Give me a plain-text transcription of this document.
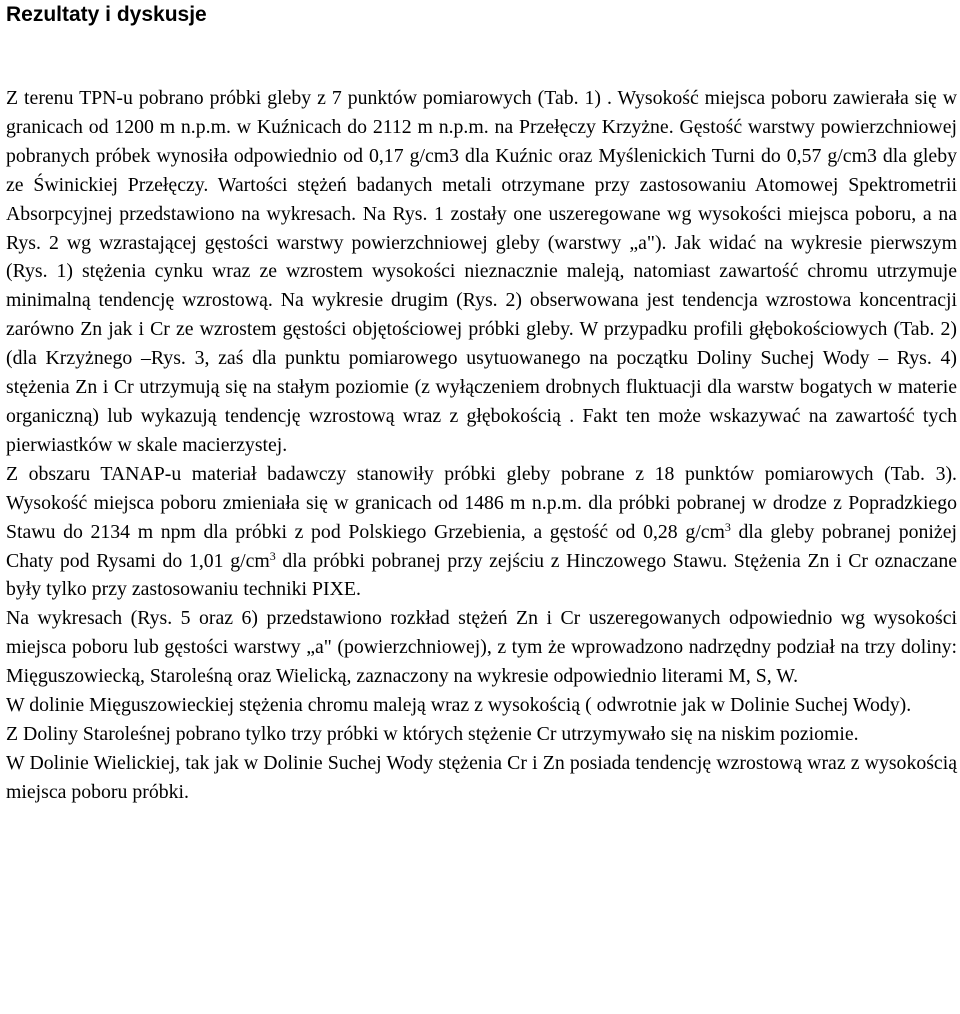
Rezultaty i dyskusje

Z terenu TPN-u pobrano próbki gleby z 7 punktów pomiarowych (Tab. 1) . Wysokość miejsca poboru zawierała się w granicach od 1200 m n.p.m. w Kuźnicach do 2112 m n.p.m. na Przełęczy Krzyżne. Gęstość warstwy powierzchniowej pobranych próbek wynosiła odpowiednio od 0,17 g/cm3 dla Kuźnic oraz Myślenickich Turni do 0,57 g/cm3 dla gleby ze Świnickiej Przełęczy. Wartości stężeń badanych metali otrzymane przy zastosowaniu Atomowej Spektrometrii Absorpcyjnej przedstawiono na wykresach. Na Rys. 1 zostały one uszeregowane wg wysokości miejsca poboru, a na Rys. 2 wg wzrastającej gęstości warstwy powierzchniowej gleby (warstwy „a"). Jak widać na wykresie pierwszym (Rys. 1) stężenia cynku wraz ze wzrostem wysokości nieznacznie maleją, natomiast zawartość chromu utrzymuje minimalną tendencję wzrostową. Na wykresie drugim (Rys. 2) obserwowana jest tendencja wzrostowa koncentracji zarówno Zn jak i Cr ze wzrostem gęstości objętościowej próbki gleby. W przypadku profili głębokościowych (Tab. 2) (dla Krzyżnego –Rys. 3, zaś dla punktu pomiarowego usytuowanego na początku Doliny Suchej Wody – Rys. 4) stężenia Zn i Cr utrzymują się na stałym poziomie (z wyłączeniem drobnych fluktuacji dla warstw bogatych w materie organiczną) lub wykazują tendencję wzrostową wraz z głębokością . Fakt ten może wskazywać na zawartość tych pierwiastków w skale macierzystej.

Z obszaru TANAP-u materiał badawczy stanowiły próbki gleby pobrane z 18 punktów pomiarowych (Tab. 3). Wysokość miejsca poboru zmieniała się w granicach od 1486 m n.p.m. dla próbki pobranej w drodze z Popradzkiego Stawu do 2134 m npm dla próbki z pod Polskiego Grzebienia, a gęstość od 0,28 $g/cm^3$ dla gleby pobranej poniżej Chaty pod Rysami do 1,01 $g/cm^3$ dla próbki pobranej przy zejściu z Hinczowego Stawu. Stężenia Zn i Cr oznaczane były tylko przy zastosowaniu techniki PIXE.

Na wykresach (Rys. 5 oraz 6) przedstawiono rozkład stężeń Zn i Cr uszeregowanych odpowiednio wg wysokości miejsca poboru lub gęstości warstwy „a" (powierzchniowej), z tym że wprowadzono nadrzędny podział na trzy doliny: Mięguszowiecką, Staroleśną oraz Wielicką, zaznaczony na wykresie odpowiednio literami M, S, W.

W dolinie Mięguszowieckiej stężenia chromu maleją wraz z wysokością ( odwrotnie jak w Dolinie Suchej Wody).

Z Doliny Staroleśnej pobrano tylko trzy próbki w których stężenie Cr utrzymywało się na niskim poziomie.

W Dolinie Wielickiej, tak jak w Dolinie Suchej Wody stężenia Cr i Zn posiada tendencję wzrostową wraz z wysokością miejsca poboru próbki.
